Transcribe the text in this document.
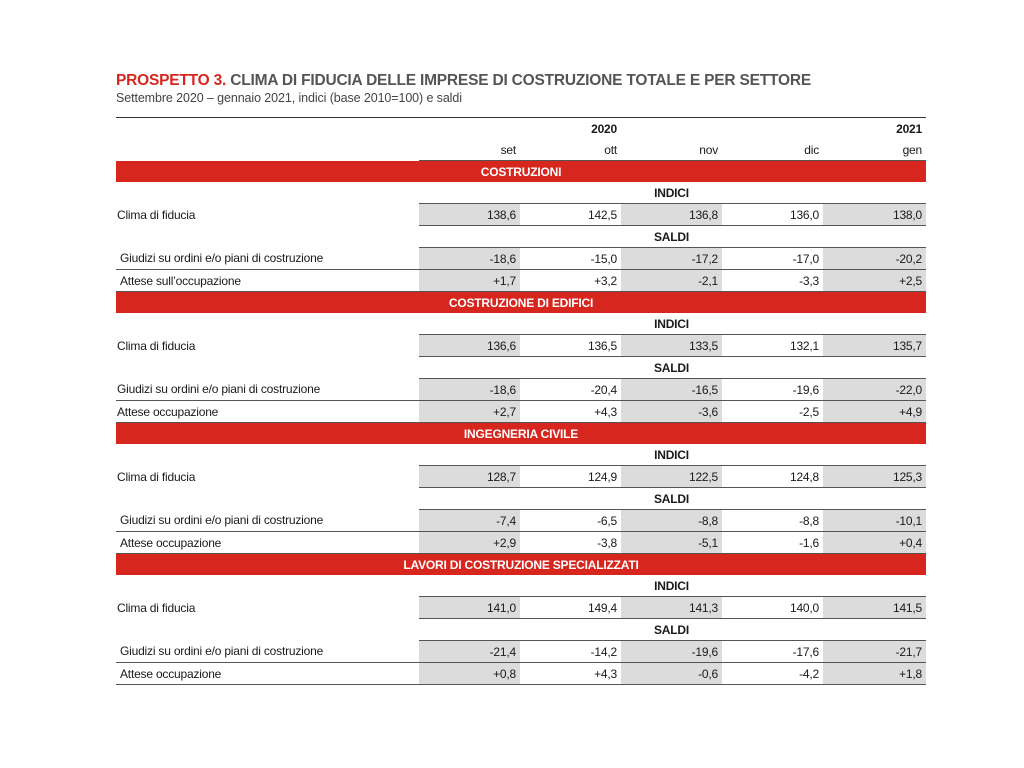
PROSPETTO 3. CLIMA DI FIDUCIA DELLE IMPRESE DI COSTRUZIONE TOTALE E PER SETTORE
Settembre 2020 – gennaio 2021, indici (base 2010=100) e saldi
		2020			2021
	set	ott	nov	dic	gen
COSTRUZIONI					
			INDICI		
Clima di fiducia	138,6	142,5	136,8	136,0	138,0
			SALDI		
Giudizi su ordini e/o piani di costruzione	-18,6	-15,0	-17,2	-17,0	-20,2
Attese sull’occupazione	+1,7	+3,2	-2,1	-3,3	+2,5
COSTRUZIONE DI EDIFICI					
			INDICI		
Clima di fiducia	136,6	136,5	133,5	132,1	135,7
			SALDI		
Giudizi su ordini e/o piani di costruzione	-18,6	-20,4	-16,5	-19,6	-22,0
Attese occupazione	+2,7	+4,3	-3,6	-2,5	+4,9
INGEGNERIA CIVILE					
			INDICI		
Clima di fiducia	128,7	124,9	122,5	124,8	125,3
			SALDI		
Giudizi su ordini e/o piani di costruzione	-7,4	-6,5	-8,8	-8,8	-10,1
Attese occupazione	+2,9	-3,8	-5,1	-1,6	+0,4
LAVORI DI COSTRUZIONE SPECIALIZZATI					
			INDICI		
Clima di fiducia	141,0	149,4	141,3	140,0	141,5
			SALDI		
Giudizi su ordini e/o piani di costruzione	-21,4	-14,2	-19,6	-17,6	-21,7
Attese occupazione	+0,8	+4,3	-0,6	-4,2	+1,8
